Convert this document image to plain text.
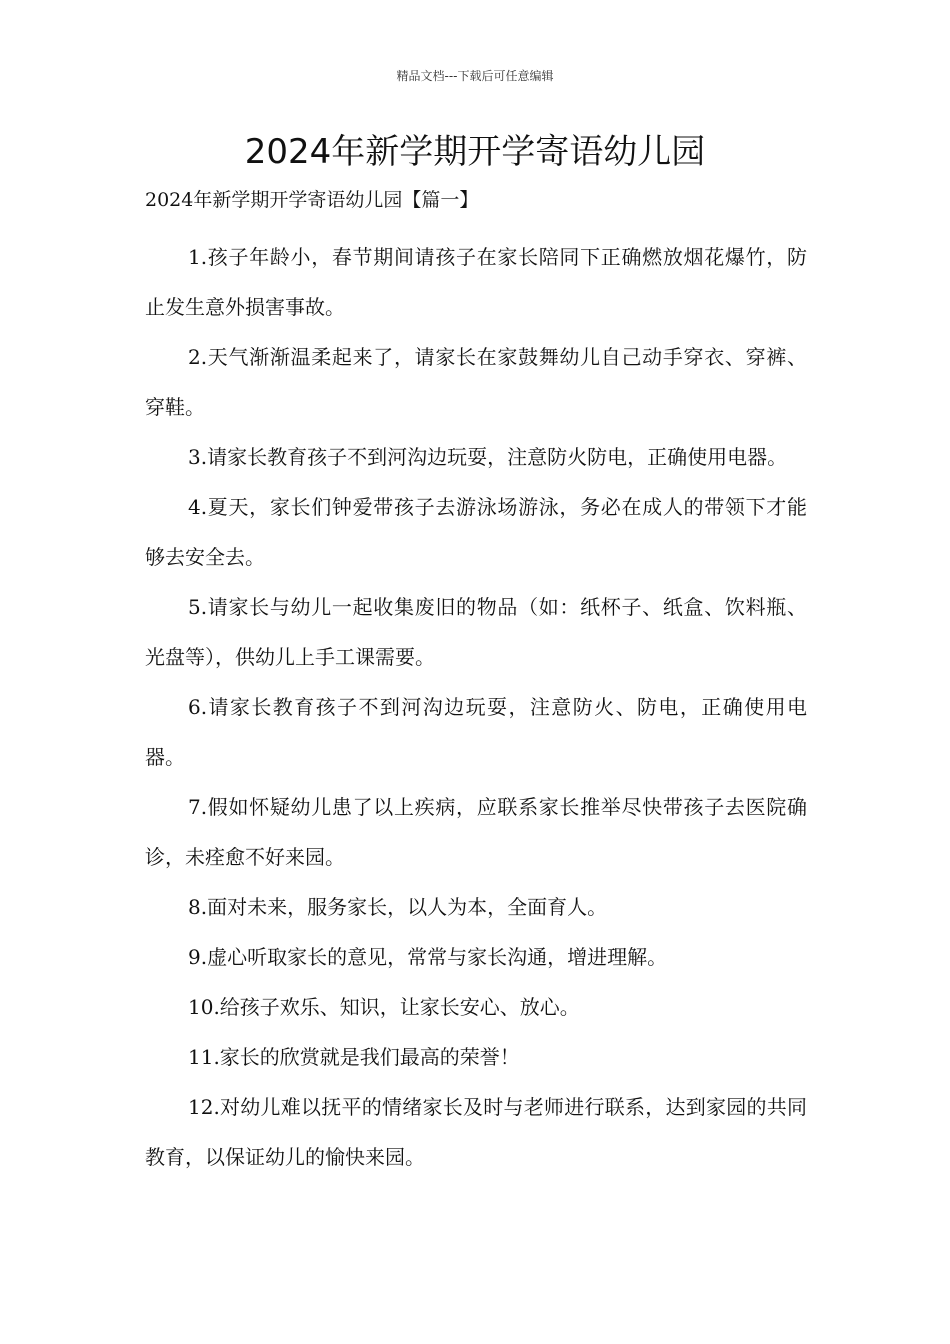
精品文档---下载后可任意编辑
2024年新学期开学寄语幼儿园
2024年新学期开学寄语幼儿园【篇一】

1.孩子年龄小，春节期间请孩子在家长陪同下正确燃放烟花爆竹，防止发生意外损害事故。

2.天气渐渐温柔起来了，请家长在家鼓舞幼儿自己动手穿衣、穿裤、穿鞋。

3.请家长教育孩子不到河沟边玩耍，注意防火防电，正确使用电器。

4.夏天，家长们钟爱带孩子去游泳场游泳，务必在成人的带领下才能够去安全去。

5.请家长与幼儿一起收集废旧的物品（如：纸杯子、纸盒、饮料瓶、光盘等），供幼儿上手工课需要。

6.请家长教育孩子不到河沟边玩耍，注意防火、防电，正确使用电器。

7.假如怀疑幼儿患了以上疾病，应联系家长推举尽快带孩子去医院确诊，未痊愈不好来园。

8.面对未来，服务家长，以人为本，全面育人。

9.虚心听取家长的意见，常常与家长沟通，增进理解。

10.给孩子欢乐、知识，让家长安心、放心。

11.家长的欣赏就是我们最高的荣誉！

12.对幼儿难以抚平的情绪家长及时与老师进行联系，达到家园的共同教育，以保证幼儿的愉快来园。
